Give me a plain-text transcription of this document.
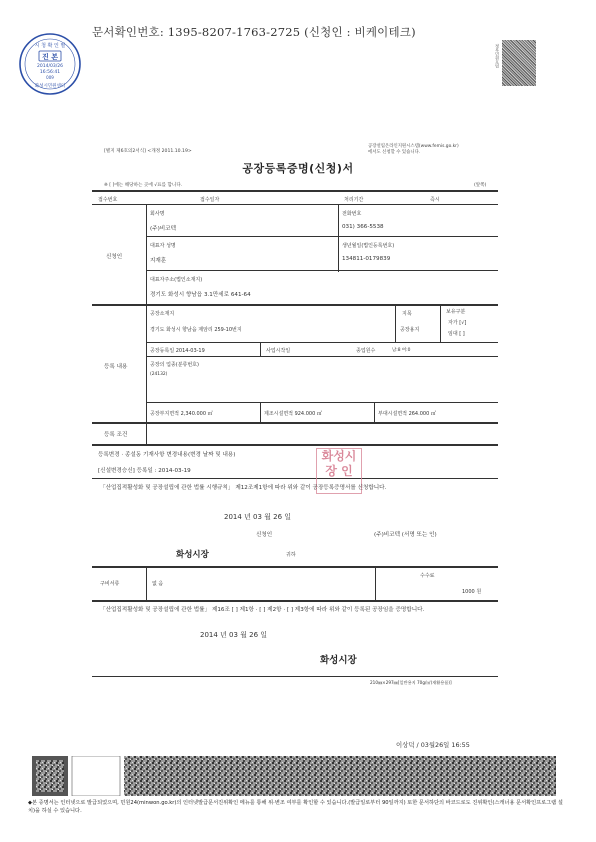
문서확인번호: 1395-8207-1763-2725 (신청인 : 비케이테크)
시 청 확 인 필
진 본
2014/03/26
16:56:41
009
화성시민원센터
정부민원포털
[별지 제6호의2서식] <개정 2011.10.19>
공장설립온라인지원시스템(www.femis.go.kr)
에서도 신청할 수 있습니다.
공장등록증명(신청)서
※ [ ]에는 해당하는 곳에 √표를 합니다.	(앞쪽)
접수번호	접수일자	처리기간	즉시
신청인
회사명
(주)비코텍
전화번호
031) 366-5538
대표자 성명
지재훈
생년월일(법인등록번호)
134811-0179839
대표자주소(법인소재지)
경기도 화성시 향남읍 3.1만세로 641-64
등록 내용
공장소재지
경기도 화성시 향남읍 제암리 259-10번지
지목
공장용지
보유구분
자가 [√]
임대 [ ]
공장등록일 2014-03-19	사업시작일	종업원수	남:8 여:0
공장의 업종(분류번호)
(24132)
공장부지면적 2,340.000 ㎡	제조시설면적 924.000 ㎡	부대시설면적 264.000 ㎡
등록 조건
등록변경 · 종설동 기재사항 변경내용(변경 날짜 및 내용)
[신설변경승신] 등록일 : 2014-03-19
화성시
장 인
「산업집적활성화 및 공장설립에 관한 법률 시행규칙」 제12조제1항에 따라 위와 같이 공장등록증명서를 신청합니다.
2014 년 03 월 26 일
신청인	(주)비코텍 (서명 또는 인)
화성시장	귀하
구비서류	없 음
수수료
1000 원
「산업집적활성화 및 공장설립에 관한 법률」 제16조 [ ] 제1항 · [ ] 제2항 · [ ] 제3항에 따라 위와 같이 등록된 공장임을 증명합니다.
2014 년 03 월 26 일
화성시장
210㎜×297㎜[일반용지 70g/㎡(재활용품)]
이상덕 / 03월26일 16:55
◆본 증명서는 인터넷으로 발급되었으며, 민원24(minwon.go.kr)의 인터넷발급문서진위확인 메뉴를 통해 위·변조 여부를 확인할 수 있습니다.(발급일로부터 90일까지) 또한 문서하단의 바코드로도 진위확인(스캐너용 문서확인프로그램 설치)을 하실 수 있습니다.
